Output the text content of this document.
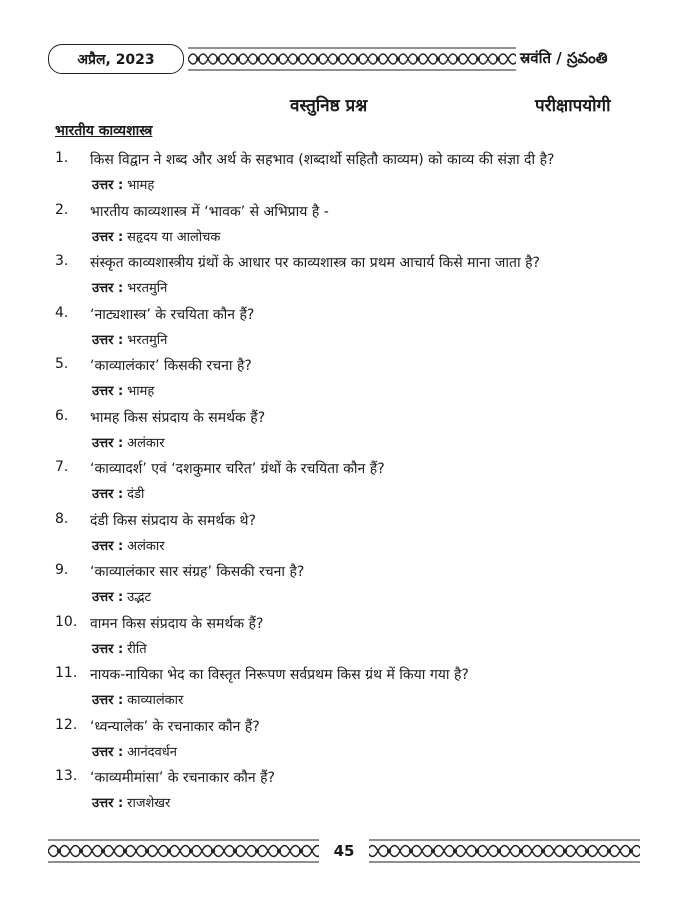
अप्रैल, 2023	स्रवंति / స్రవంతి
वस्तुनिष्ठ प्रश्न	परीक्षापयोगी
भारतीय काव्यशास्त्र
1.	किस विद्वान ने शब्द और अर्थ के सहभाव (शब्दार्थो सहितौ काव्यम) को काव्य की संज्ञा दी है?
उत्तर : भामह
2.	भारतीय काव्यशास्त्र में ‘भावक’ से अभिप्राय है -
उत्तर : सहृदय या आलोचक
3.	संस्कृत काव्यशास्त्रीय ग्रंथों के आधार पर काव्यशास्त्र का प्रथम आचार्य किसे माना जाता है?
उत्तर : भरतमुनि
4.	‘नाट्यशास्त्र’ के रचयिता कौन हैं?
उत्तर : भरतमुनि
5.	‘काव्यालंकार’ किसकी रचना है?
उत्तर : भामह
6.	भामह किस संप्रदाय के समर्थक हैं?
उत्तर : अलंकार
7.	‘काव्यादर्श’ एवं ‘दशकुमार चरित’ ग्रंथों के रचयिता कौन हैं?
उत्तर : दंडी
8.	दंडी किस संप्रदाय के समर्थक थे?
उत्तर : अलंकार
9.	‘काव्यालंकार सार संग्रह’ किसकी रचना है?
उत्तर : उद्भट
10. वामन किस संप्रदाय के समर्थक हैं?
उत्तर : रीति
11. नायक-नायिका भेद का विस्तृत निरूपण सर्वप्रथम किस ग्रंथ में किया गया है?
उत्तर : काव्यालंकार
12. ‘ध्वन्यालेक’ के रचनाकार कौन हैं?
उत्तर : आनंदवर्धन
13. ‘काव्यमीमांसा’ के रचनाकार कौन हैं?
उत्तर : राजशेखर
45
